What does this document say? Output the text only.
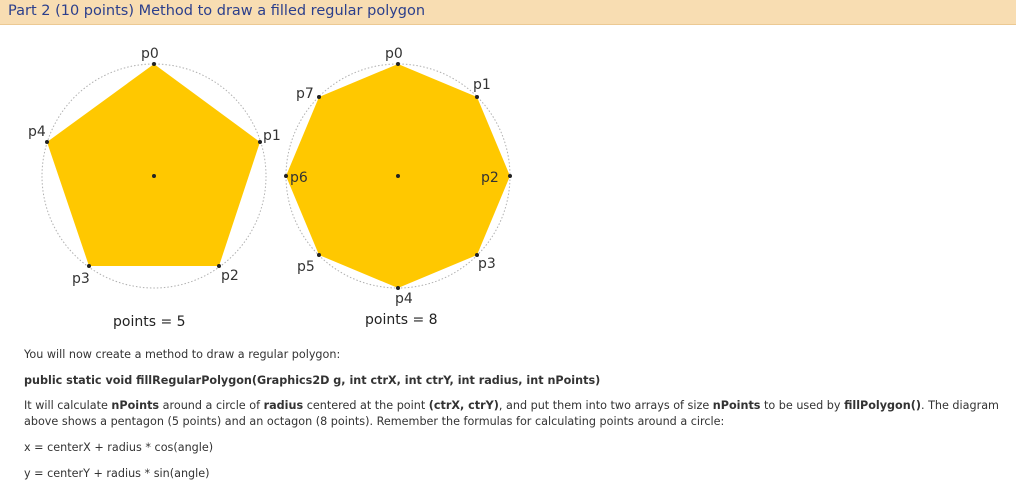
Part 2 (10 points) Method to draw a filled regular polygon
p0
p1
p2
p3
p4
points = 5
p0
p1
p2
p3
p4
p5
p6
p7
points = 8
You will now create a method to draw a regular polygon:
public static void fillRegularPolygon(Graphics2D g, int ctrX, int ctrY, int radius, int nPoints)
It will calculate nPoints around a circle of radius centered at the point (ctrX, ctrY), and put them into two arrays of size nPoints to be used by fillPolygon(). The diagram above shows a pentagon (5 points) and an octagon (8 points). Remember the formulas for calculating points around a circle:
x = centerX + radius * cos(angle)
y = centerY + radius * sin(angle)
